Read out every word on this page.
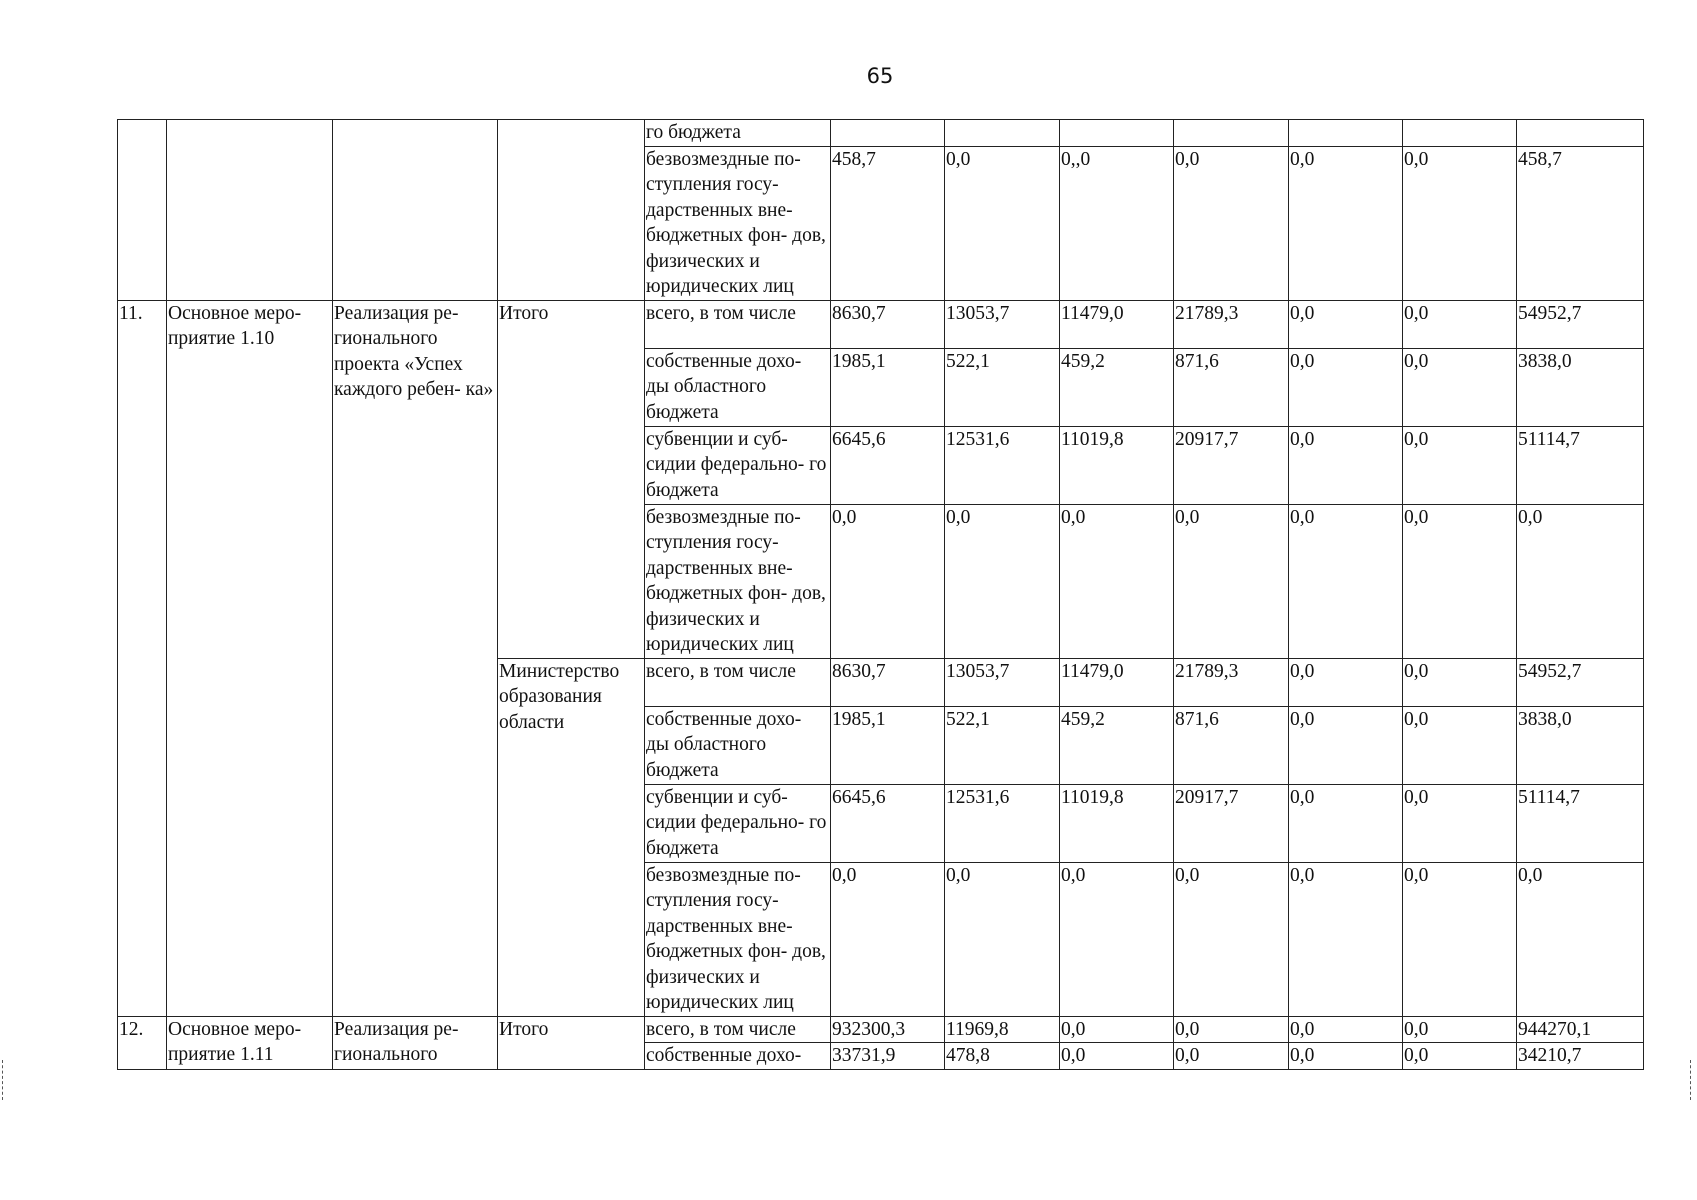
65
				го бюджета							
				безвозмездные по- ступления госу- дарственных вне- бюджетных фон- дов, физических и юридических лиц	458,7	0,0	0,,0	0,0	0,0	0,0	458,7
11.	Основное меро- приятие 1.10	Реализация ре- гионального проекта «Успех каждого ребен- ка»	Итого	всего, в том числе	8630,7	13053,7	11479,0	21789,3	0,0	0,0	54952,7
				собственные дохо- ды областного бюджета	1985,1	522,1	459,2	871,6	0,0	0,0	3838,0
				субвенции и суб- сидии федерально- го бюджета	6645,6	12531,6	11019,8	20917,7	0,0	0,0	51114,7
				безвозмездные по- ступления госу- дарственных вне- бюджетных фон- дов, физических и юридических лиц	0,0	0,0	0,0	0,0	0,0	0,0	0,0
			Министерство образования области	всего, в том числе	8630,7	13053,7	11479,0	21789,3	0,0	0,0	54952,7
				собственные дохо- ды областного бюджета	1985,1	522,1	459,2	871,6	0,0	0,0	3838,0
				субвенции и суб- сидии федерально- го бюджета	6645,6	12531,6	11019,8	20917,7	0,0	0,0	51114,7
				безвозмездные по- ступления госу- дарственных вне- бюджетных фон- дов, физических и юридических лиц	0,0	0,0	0,0	0,0	0,0	0,0	0,0
12.	Основное меро- приятие 1.11	Реализация ре- гионального	Итого	всего, в том числе	932300,3	11969,8	0,0	0,0	0,0	0,0	944270,1
				собственные дохо-	33731,9	478,8	0,0	0,0	0,0	0,0	34210,7
